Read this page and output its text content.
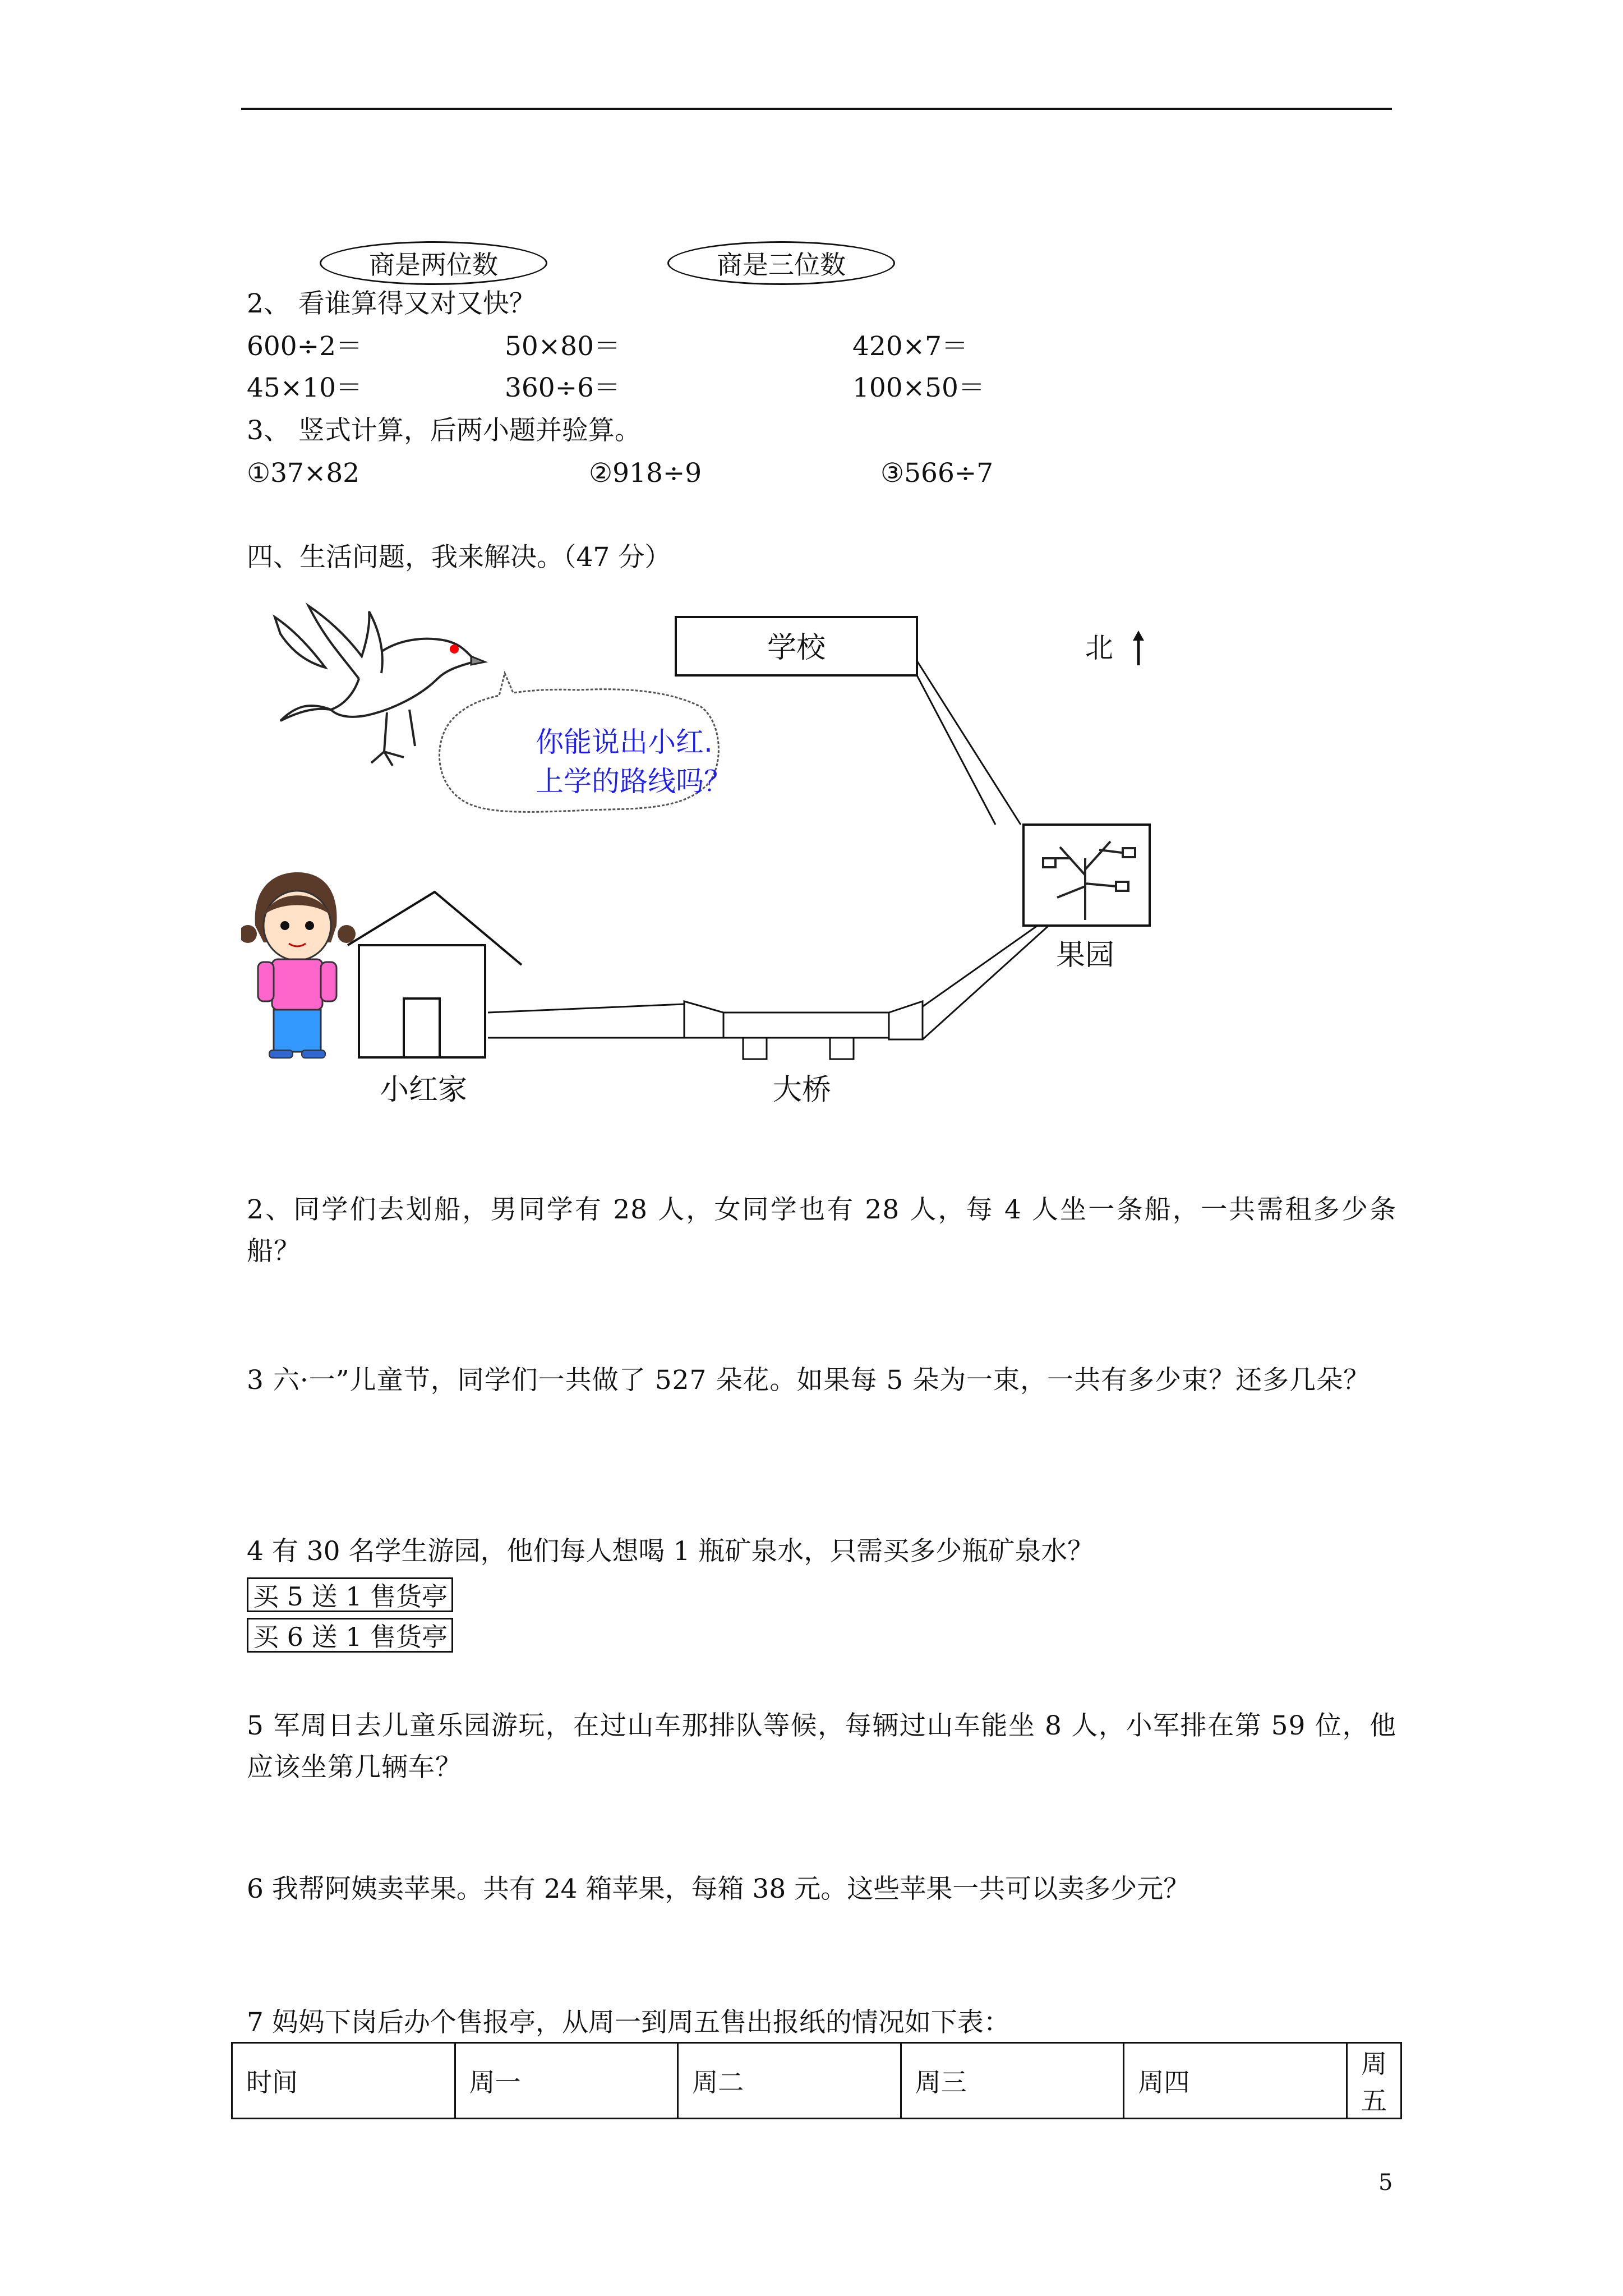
商是两位数	商是三位数
2、 看谁算得又对又快？
600÷2＝	50×80＝	420×7＝
45×10＝	360÷6＝	100×50＝
3、 竖式计算，后两小题并验算。
①37×82	②918÷9	③566÷7
四、生活问题，我来解决。（47 分）
学校	北
你能说出小红.
上学的路线吗？
果园
大桥
小红家
2、同学们去划船，男同学有 28 人，女同学也有 28 人，每 4 人坐一条船，一共需租多少条船？
3 六·一”儿童节，同学们一共做了 527 朵花。如果每 5 朵为一束，一共有多少束？还多几朵？
4 有 30 名学生游园，他们每人想喝 1 瓶矿泉水，只需买多少瓶矿泉水？
买 5 送 1 售货亭
买 6 送 1 售货亭
5 军周日去儿童乐园游玩，在过山车那排队等候，每辆过山车能坐 8 人，小军排在第 59 位，他应该坐第几辆车？
6 我帮阿姨卖苹果。共有 24 箱苹果，每箱 38 元。这些苹果一共可以卖多少元？
7 妈妈下岗后办个售报亭，从周一到周五售出报纸的情况如下表：
时间	周一	周二	周三	周四	周五
5
